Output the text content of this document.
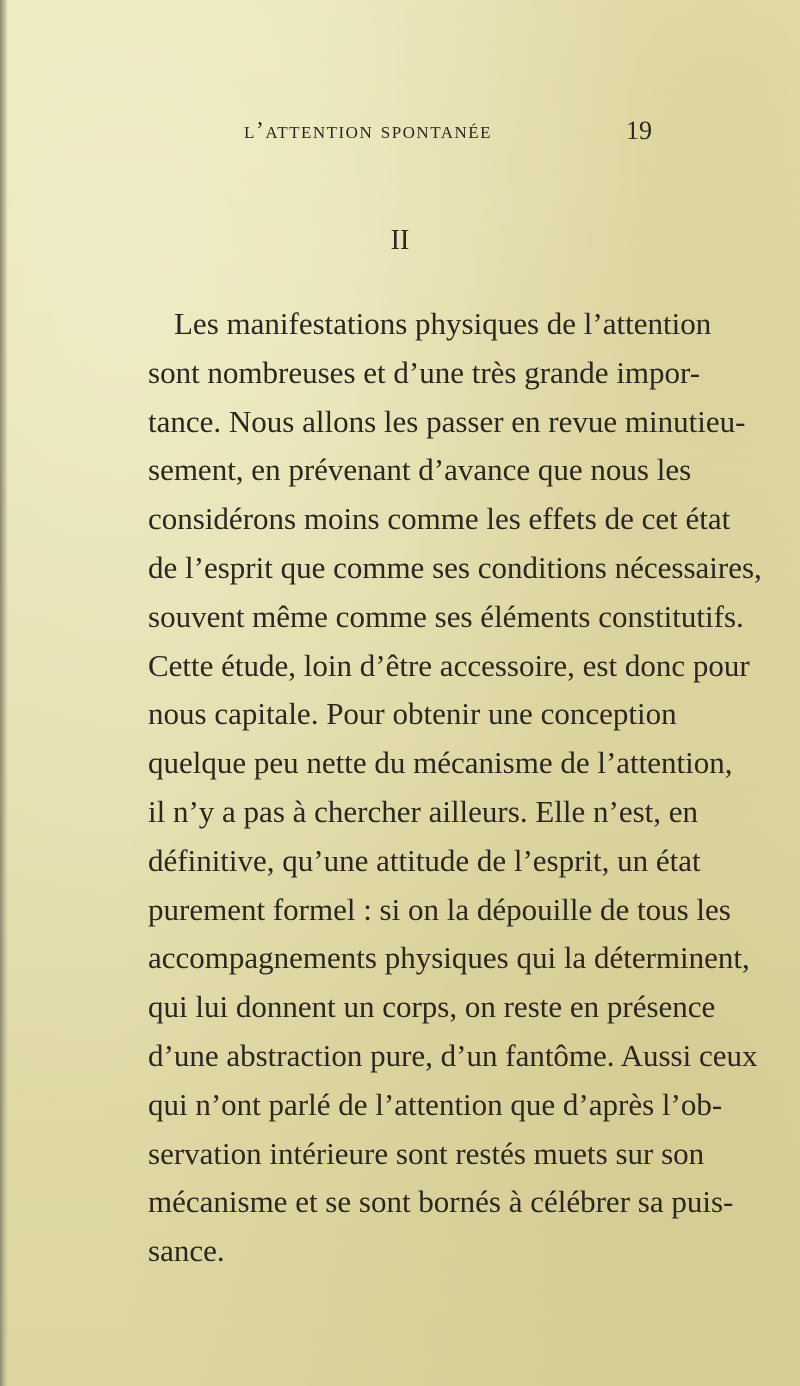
l’attention spontanée	19
II
Les manifestations physiques de l’attention
sont nombreuses et d’une très grande impor-
tance. Nous allons les passer en revue minutieu-
sement, en prévenant d’avance que nous les
considérons moins comme les effets de cet état
de l’esprit que comme ses conditions nécessaires,
souvent même comme ses éléments constitutifs.
Cette étude, loin d’être accessoire, est donc pour
nous capitale. Pour obtenir une conception
quelque peu nette du mécanisme de l’attention,
il n’y a pas à chercher ailleurs. Elle n’est, en
définitive, qu’une attitude de l’esprit, un état
purement formel : si on la dépouille de tous les
accompagnements physiques qui la déterminent,
qui lui donnent un corps, on reste en présence
d’une abstraction pure, d’un fantôme. Aussi ceux
qui n’ont parlé de l’attention que d’après l’ob-
servation intérieure sont restés muets sur son
mécanisme et se sont bornés à célébrer sa puis-
sance.
